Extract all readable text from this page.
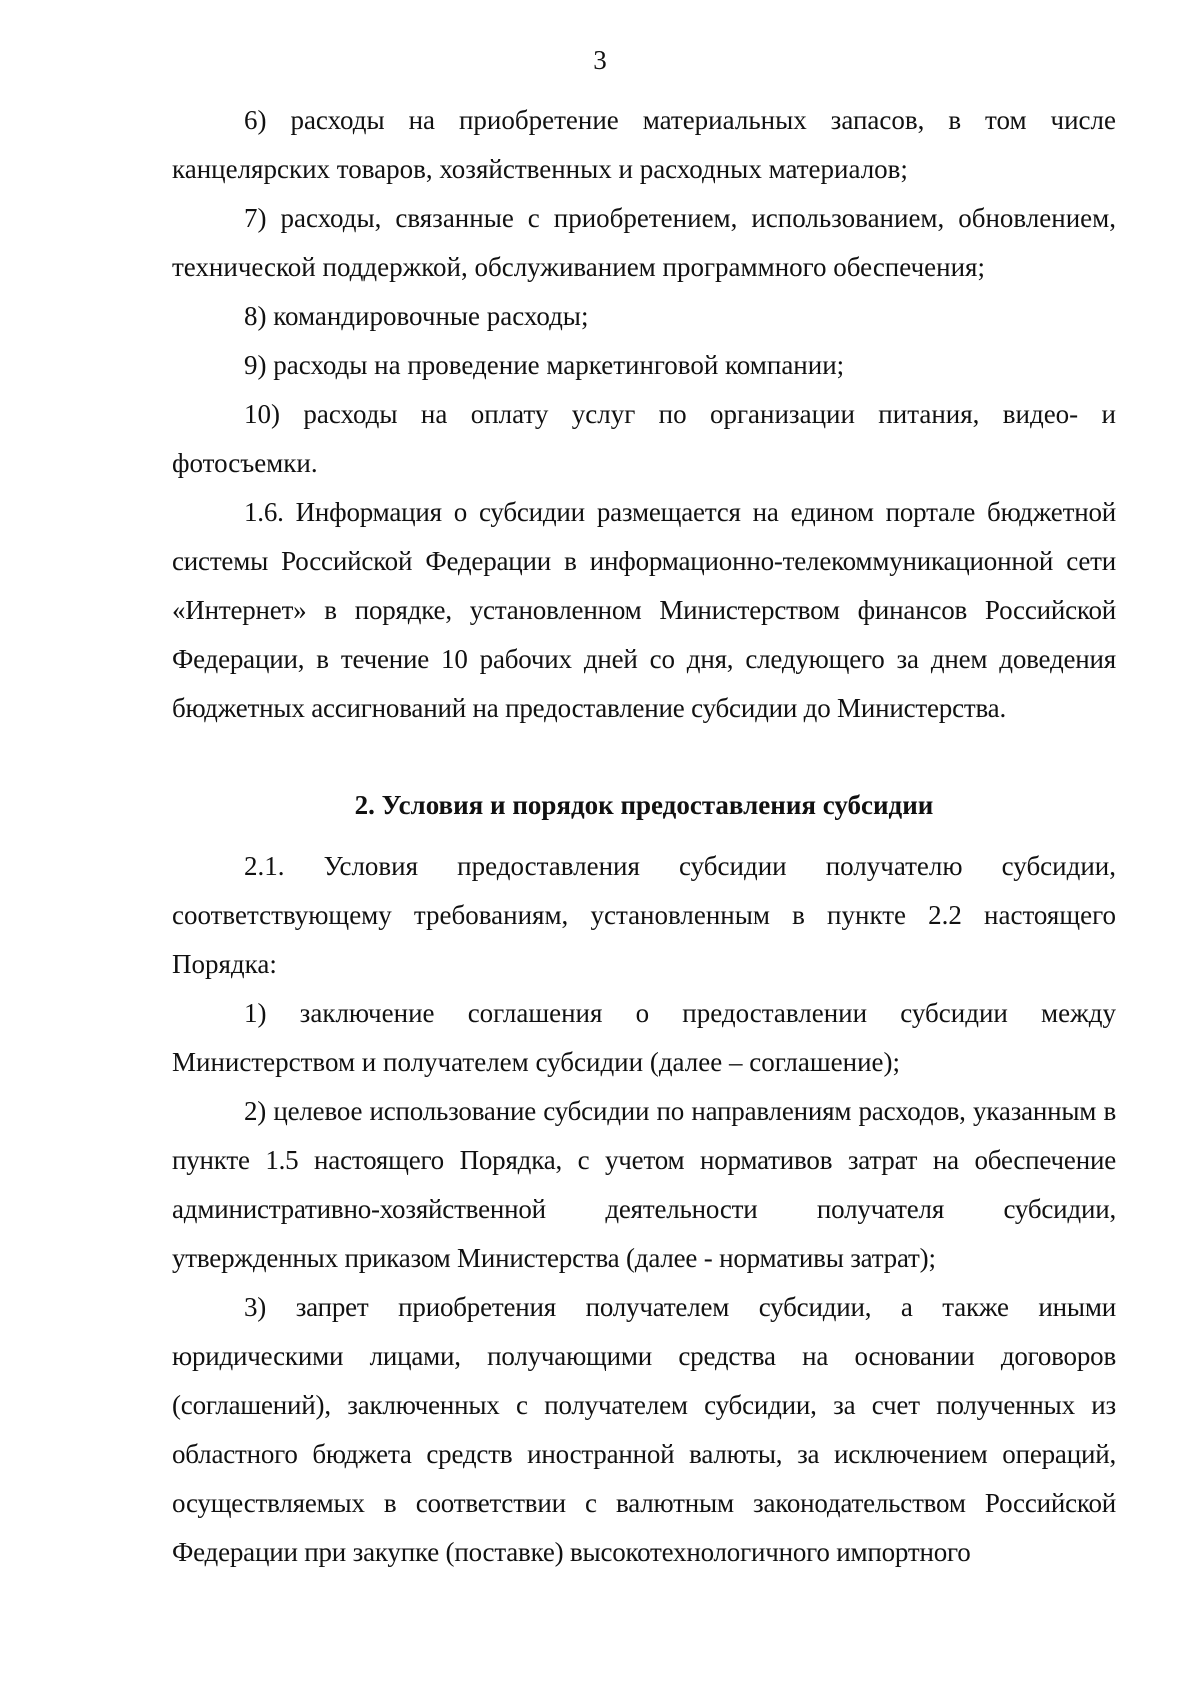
3

6) расходы на приобретение материальных запасов, в том числе канцелярских товаров, хозяйственных и расходных материалов;

7) расходы, связанные с приобретением, использованием, обновлением, технической поддержкой, обслуживанием программного обеспечения;

8) командировочные расходы;

9) расходы на проведение маркетинговой компании;

10) расходы на оплату услуг по организации питания, видео- и фотосъемки.

1.6. Информация о субсидии размещается на едином портале бюджетной системы Российской Федерации в информационно-телекоммуникационной сети «Интернет» в порядке, установленном Министерством финансов Российской Федерации, в течение 10 рабочих дней со дня, следующего за днем доведения бюджетных ассигнований на предоставление субсидии до Министерства.

2. Условия и порядок предоставления субсидии

2.1. Условия предоставления субсидии получателю субсидии, соответствующему требованиям, установленным в пункте 2.2 настоящего Порядка:

1) заключение соглашения о предоставлении субсидии между Министерством и получателем субсидии (далее – соглашение);

2) целевое использование субсидии по направлениям расходов, указанным в пункте 1.5 настоящего Порядка, с учетом нормативов затрат на обеспечение административно-хозяйственной деятельности получателя субсидии, утвержденных приказом Министерства (далее - нормативы затрат);

3) запрет приобретения получателем субсидии, а также иными юридическими лицами, получающими средства на основании договоров (соглашений), заключенных с получателем субсидии, за счет полученных из областного бюджета средств иностранной валюты, за исключением операций, осуществляемых в соответствии с валютным законодательством Российской Федерации при закупке (поставке) высокотехнологичного импортного
